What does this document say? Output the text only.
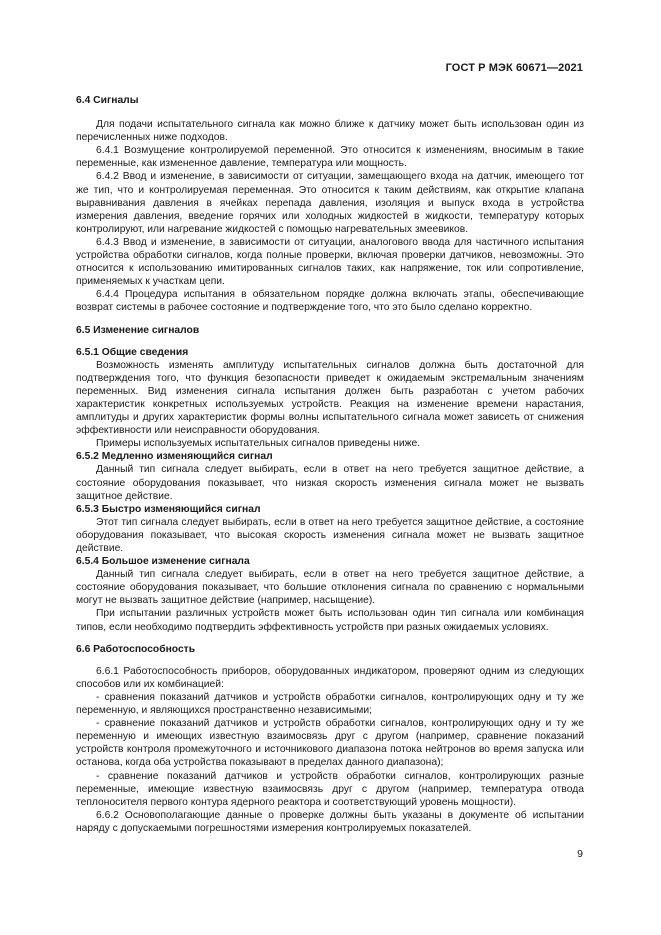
ГОСТ Р МЭК 60671—2021

6.4 Сигналы

Для подачи испытательного сигнала как можно ближе к датчику может быть использован один из перечисленных ниже подходов.

6.4.1 Возмущение контролируемой переменной. Это относится к изменениям, вносимым в такие переменные, как измененное давление, температура или мощность.

6.4.2 Ввод и изменение, в зависимости от ситуации, замещающего входа на датчик, имеющего тот же тип, что и контролируемая переменная. Это относится к таким действиям, как открытие клапана выравнивания давления в ячейках перепада давления, изоляция и выпуск входа в устройства измерения давления, введение горячих или холодных жидкостей в жидкости, температуру которых контролируют, или нагревание жидкостей с помощью нагревательных змеевиков.

6.4.3 Ввод и изменение, в зависимости от ситуации, аналогового ввода для частичного испытания устройства обработки сигналов, когда полные проверки, включая проверки датчиков, невозможны. Это относится к использованию имитированных сигналов таких, как напряжение, ток или сопротивление, применяемых к участкам цепи.

6.4.4 Процедура испытания в обязательном порядке должна включать этапы, обеспечивающие возврат системы в рабочее состояние и подтверждение того, что это было сделано корректно.

6.5 Изменение сигналов

6.5.1 Общие сведения

Возможность изменять амплитуду испытательных сигналов должна быть достаточной для подтверждения того, что функция безопасности приведет к ожидаемым экстремальным значениям переменных. Вид изменения сигнала испытания должен быть разработан с учетом рабочих характеристик конкретных используемых устройств. Реакция на изменение времени нарастания, амплитуды и других характеристик формы волны испытательного сигнала может зависеть от снижения эффективности или неисправности оборудования.

Примеры используемых испытательных сигналов приведены ниже.

6.5.2 Медленно изменяющийся сигнал

Данный тип сигнала следует выбирать, если в ответ на него требуется защитное действие, а состояние оборудования показывает, что низкая скорость изменения сигнала может не вызвать защитное действие.

6.5.3 Быстро изменяющийся сигнал

Этот тип сигнала следует выбирать, если в ответ на него требуется защитное действие, а состояние оборудования показывает, что высокая скорость изменения сигнала может не вызвать защитное действие.

6.5.4 Большое изменение сигнала

Данный тип сигнала следует выбирать, если в ответ на него требуется защитное действие, а состояние оборудования показывает, что большие отклонения сигнала по сравнению с нормальными могут не вызвать защитное действие (например, насыщение).

При испытании различных устройств может быть использован один тип сигнала или комбинация типов, если необходимо подтвердить эффективность устройств при разных ожидаемых условиях.

6.6 Работоспособность

6.6.1 Работоспособность приборов, оборудованных индикатором, проверяют одним из следующих способов или их комбинацией:

- сравнения показаний датчиков и устройств обработки сигналов, контролирующих одну и ту же переменную, и являющихся пространственно независимыми;

- сравнение показаний датчиков и устройств обработки сигналов, контролирующих одну и ту же переменную и имеющих известную взаимосвязь друг с другом (например, сравнение показаний устройств контроля промежуточного и источникового диапазона потока нейтронов во время запуска или останова, когда оба устройства показывают в пределах данного диапазона);

- сравнение показаний датчиков и устройств обработки сигналов, контролирующих разные переменные, имеющие известную взаимосвязь друг с другом (например, температура отвода теплоносителя первого контура ядерного реактора и соответствующий уровень мощности).

6.6.2 Основополагающие данные о проверке должны быть указаны в документе об испытании наряду с допускаемыми погрешностями измерения контролируемых показателей.

9
